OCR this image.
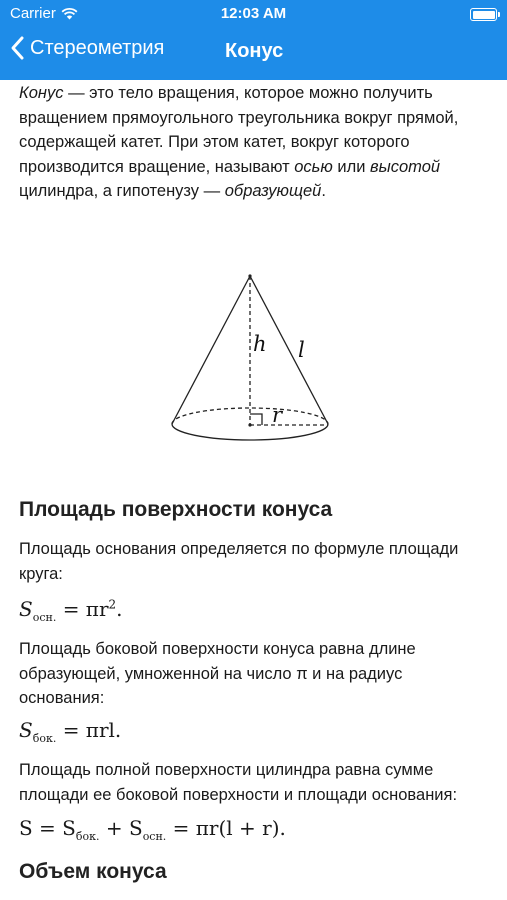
Carrier	12:03 AM
Стереометрия	Конус
Конус — это тело вращения, которое можно получить вращением прямоугольного треугольника вокруг прямой, содержащей катет. При этом катет, вокруг которого производится вращение, называют осью или высотой цилиндра, а гипотенузу — образующей.
h l
r
Площадь поверхности конуса
Площадь основания определяется по формуле площади круга:
$S_{осн.} = \pi r^2$.
Площадь боковой поверхности конуса равна длине образующей, умноженной на число π и на радиус основания:
$S_{бок.} = \pi rl$.
Площадь полной поверхности цилиндра равна сумме площади ее боковой поверхности и площади основания:
$S = S_{бок.} + S_{осн.} = \pi r(l + r)$.
Объем конуса
